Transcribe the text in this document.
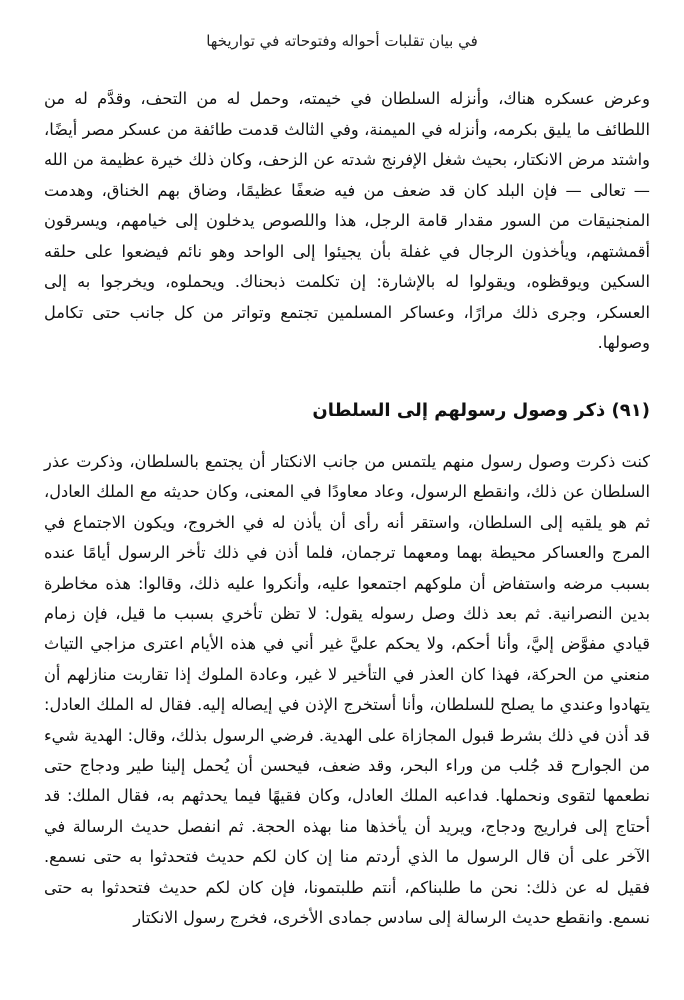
في بيان تقلبات أحواله وفتوحاته في تواريخها

وعرض عسكره هناك، وأنزله السلطان في خيمته، وحمل له من التحف، وقدَّم له من اللطائف ما يليق بكرمه، وأنزله في الميمنة، وفي الثالث قدمت طائفة من عسكر مصر أيضًا، واشتد مرض الانكتار، بحيث شغل الإفرنج شدته عن الزحف، وكان ذلك خيرة عظيمة من الله — تعالى — فإن البلد كان قد ضعف من فيه ضعفًا عظيمًا، وضاق بهم الخناق، وهدمت المنجنيقات من السور مقدار قامة الرجل، هذا واللصوص يدخلون إلى خيامهم، ويسرقون أقمشتهم، ويأخذون الرجال في غفلة بأن يجيئوا إلى الواحد وهو نائم فيضعوا على حلقه السكين ويوقظوه، ويقولوا له بالإشارة: إن تكلمت ذبحناك. ويحملوه، ويخرجوا به إلى العسكر، وجرى ذلك مرارًا، وعساكر المسلمين تجتمع وتواتر من كل جانب حتى تكامل وصولها.

(٩١) ذكر وصول رسولهم إلى السلطان

كنت ذكرت وصول رسول منهم يلتمس من جانب الانكتار أن يجتمع بالسلطان، وذكرت عذر السلطان عن ذلك، وانقطع الرسول، وعاد معاودًا في المعنى، وكان حديثه مع الملك العادل، ثم هو يلقيه إلى السلطان، واستقر أنه رأى أن يأذن له في الخروج، ويكون الاجتماع في المرج والعساكر محيطة بهما ومعهما ترجمان، فلما أذن في ذلك تأخر الرسول أيامًا عنده بسبب مرضه واستفاض أن ملوكهم اجتمعوا عليه، وأنكروا عليه ذلك، وقالوا: هذه مخاطرة بدين النصرانية. ثم بعد ذلك وصل رسوله يقول: لا تظن تأخري بسبب ما قيل، فإن زمام قيادي مفوَّض إليَّ، وأنا أحكم، ولا يحكم عليَّ غير أني في هذه الأيام اعترى مزاجي التياث منعني من الحركة، فهذا كان العذر في التأخير لا غير، وعادة الملوك إذا تقاربت منازلهم أن يتهادوا وعندي ما يصلح للسلطان، وأنا أستخرج الإذن في إيصاله إليه. فقال له الملك العادل: قد أذن في ذلك بشرط قبول المجازاة على الهدية. فرضي الرسول بذلك، وقال: الهدية شيء من الجوارح قد جُلب من وراء البحر، وقد ضعف، فيحسن أن يُحمل إلينا طير ودجاج حتى نطعمها لتقوى ونحملها. فداعبه الملك العادل، وكان فقيهًا فيما يحدثهم به، فقال الملك: قد أحتاج إلى فراريج ودجاج، ويريد أن يأخذها منا بهذه الحجة. ثم انفصل حديث الرسالة في الآخر على أن قال الرسول ما الذي أردتم منا إن كان لكم حديث فتحدثوا به حتى نسمع. فقيل له عن ذلك: نحن ما طلبناكم، أنتم طلبتمونا، فإن كان لكم حديث فتحدثوا به حتى نسمع. وانقطع حديث الرسالة إلى سادس جمادى الأخرى، فخرج رسول الانكتار
